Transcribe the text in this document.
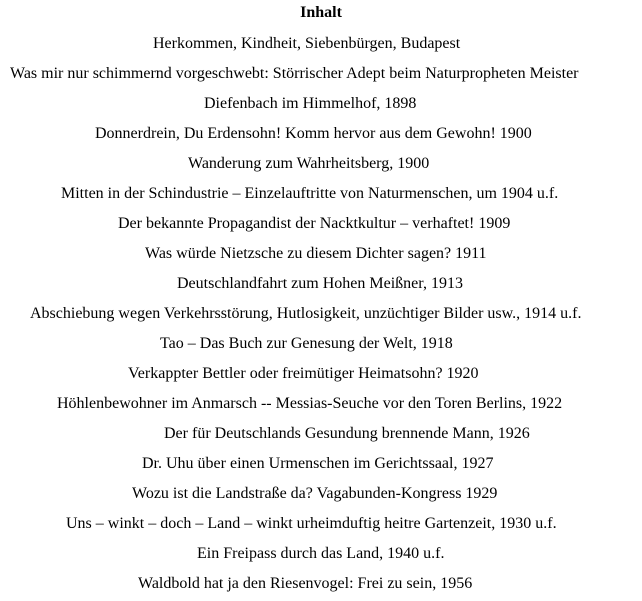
Inhalt
Herkommen, Kindheit, Siebenbürgen, Budapest
Was mir nur schimmernd vorgeschwebt: Störrischer Adept beim Naturpropheten Meister
Diefenbach im Himmelhof, 1898
Donnerdrein, Du Erdensohn! Komm hervor aus dem Gewohn! 1900
Wanderung zum Wahrheitsberg, 1900
Mitten in der Schindustrie – Einzelauftritte von Naturmenschen, um 1904 u.f.
Der bekannte Propagandist der Nacktkultur – verhaftet! 1909
Was würde Nietzsche zu diesem Dichter sagen? 1911
Deutschlandfahrt zum Hohen Meißner, 1913
Abschiebung wegen Verkehrsstörung, Hutlosigkeit, unzüchtiger Bilder usw., 1914 u.f.
Tao – Das Buch zur Genesung der Welt, 1918
Verkappter Bettler oder freimütiger Heimatsohn? 1920
Höhlenbewohner im Anmarsch -- Messias-Seuche vor den Toren Berlins, 1922
Der für Deutschlands Gesundung brennende Mann, 1926
Dr. Uhu über einen Urmenschen im Gerichtssaal, 1927
Wozu ist die Landstraße da? Vagabunden-Kongress 1929
Uns – winkt – doch – Land – winkt urheimduftig heitre Gartenzeit, 1930 u.f.
Ein Freipass durch das Land, 1940 u.f.
Waldbold hat ja den Riesenvogel: Frei zu sein, 1956
